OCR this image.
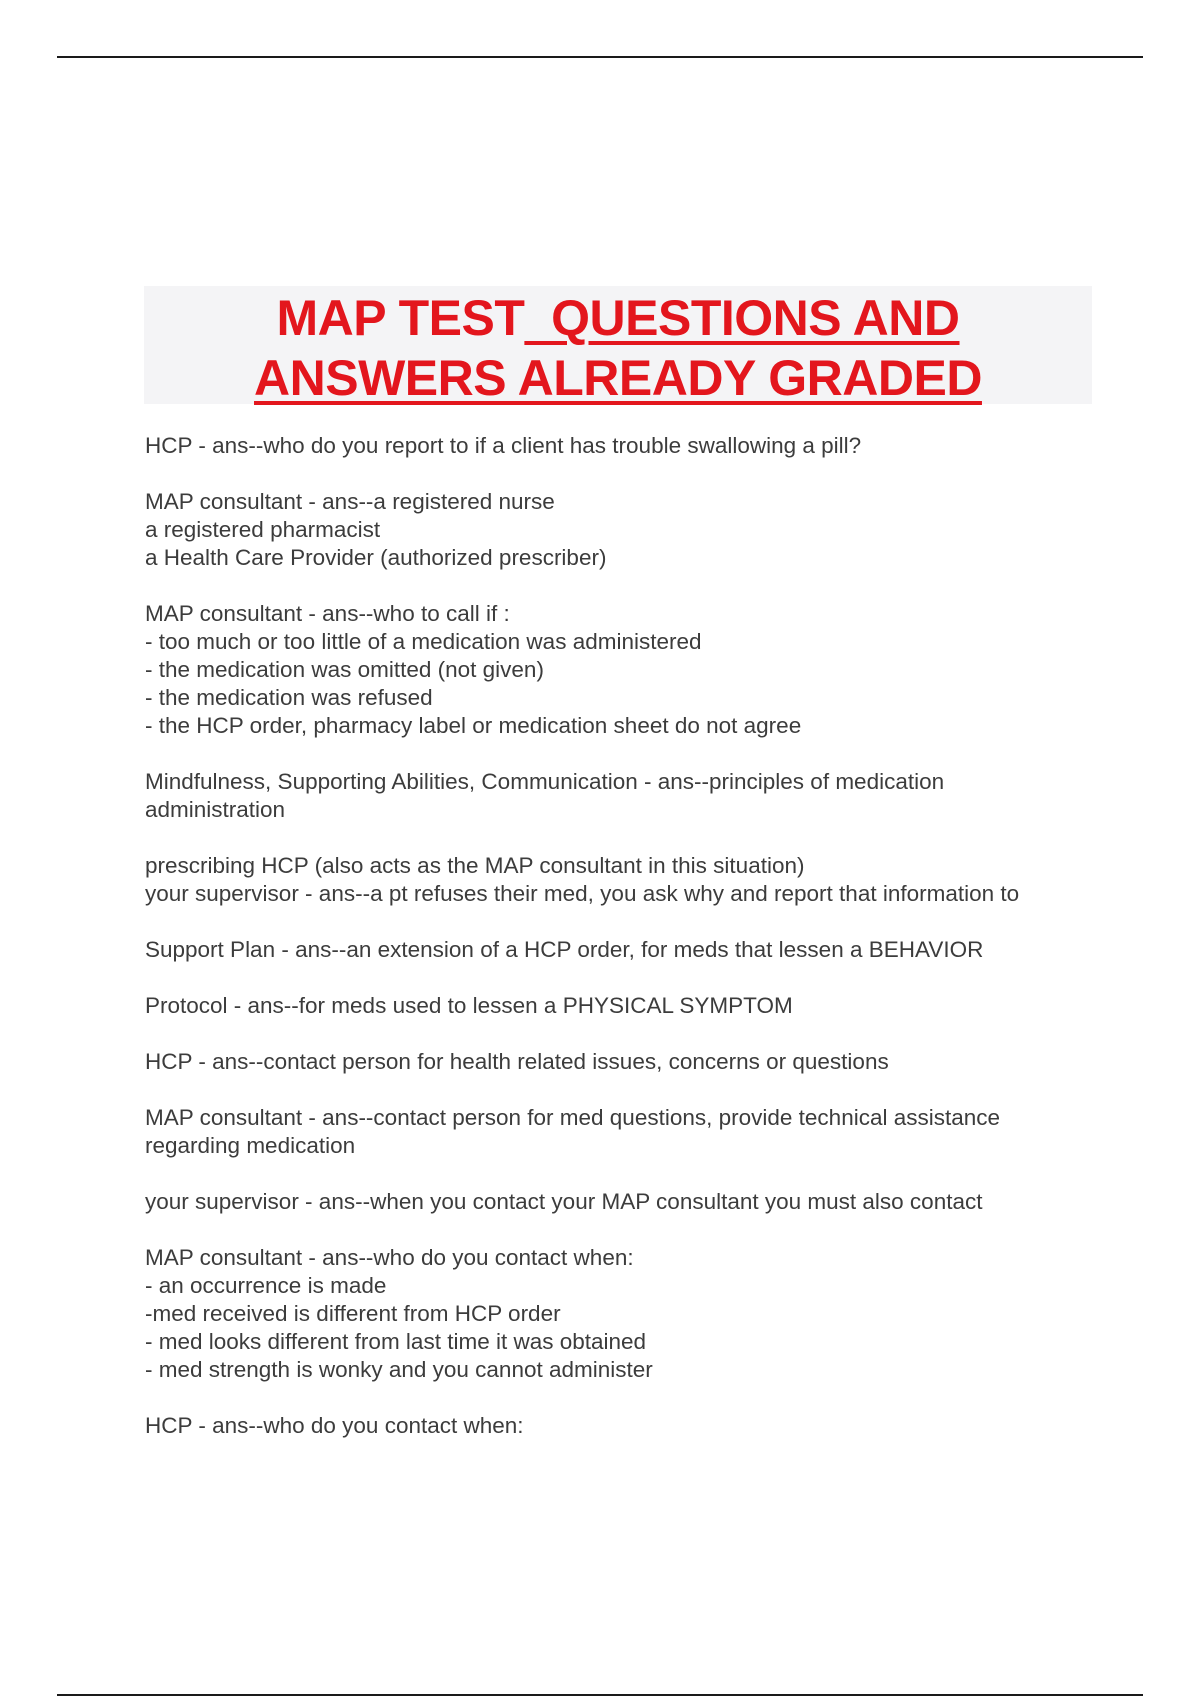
MAP TEST  QUESTIONS AND
ANSWERS ALREADY GRADED
HCP - ans--who do you report to if a client has trouble swallowing a pill?
MAP consultant - ans--a registered nurse
a registered pharmacist
a Health Care Provider (authorized prescriber)
MAP consultant - ans--who to call if :
- too much or too little of a medication was administered
- the medication was omitted (not given)
- the medication was refused
- the HCP order, pharmacy label or medication sheet do not agree
Mindfulness, Supporting Abilities, Communication - ans--principles of medication
administration
prescribing HCP (also acts as the MAP consultant in this situation)
your supervisor - ans--a pt refuses their med, you ask why and report that information to
Support Plan - ans--an extension of a HCP order, for meds that lessen a BEHAVIOR
Protocol - ans--for meds used to lessen a PHYSICAL SYMPTOM
HCP - ans--contact person for health related issues, concerns or questions
MAP consultant - ans--contact person for med questions, provide technical assistance
regarding medication
your supervisor - ans--when you contact your MAP consultant you must also contact
MAP consultant - ans--who do you contact when:
- an occurrence is made
-med received is different from HCP order
- med looks different from last time it was obtained
- med strength is wonky and you cannot administer
HCP - ans--who do you contact when:
